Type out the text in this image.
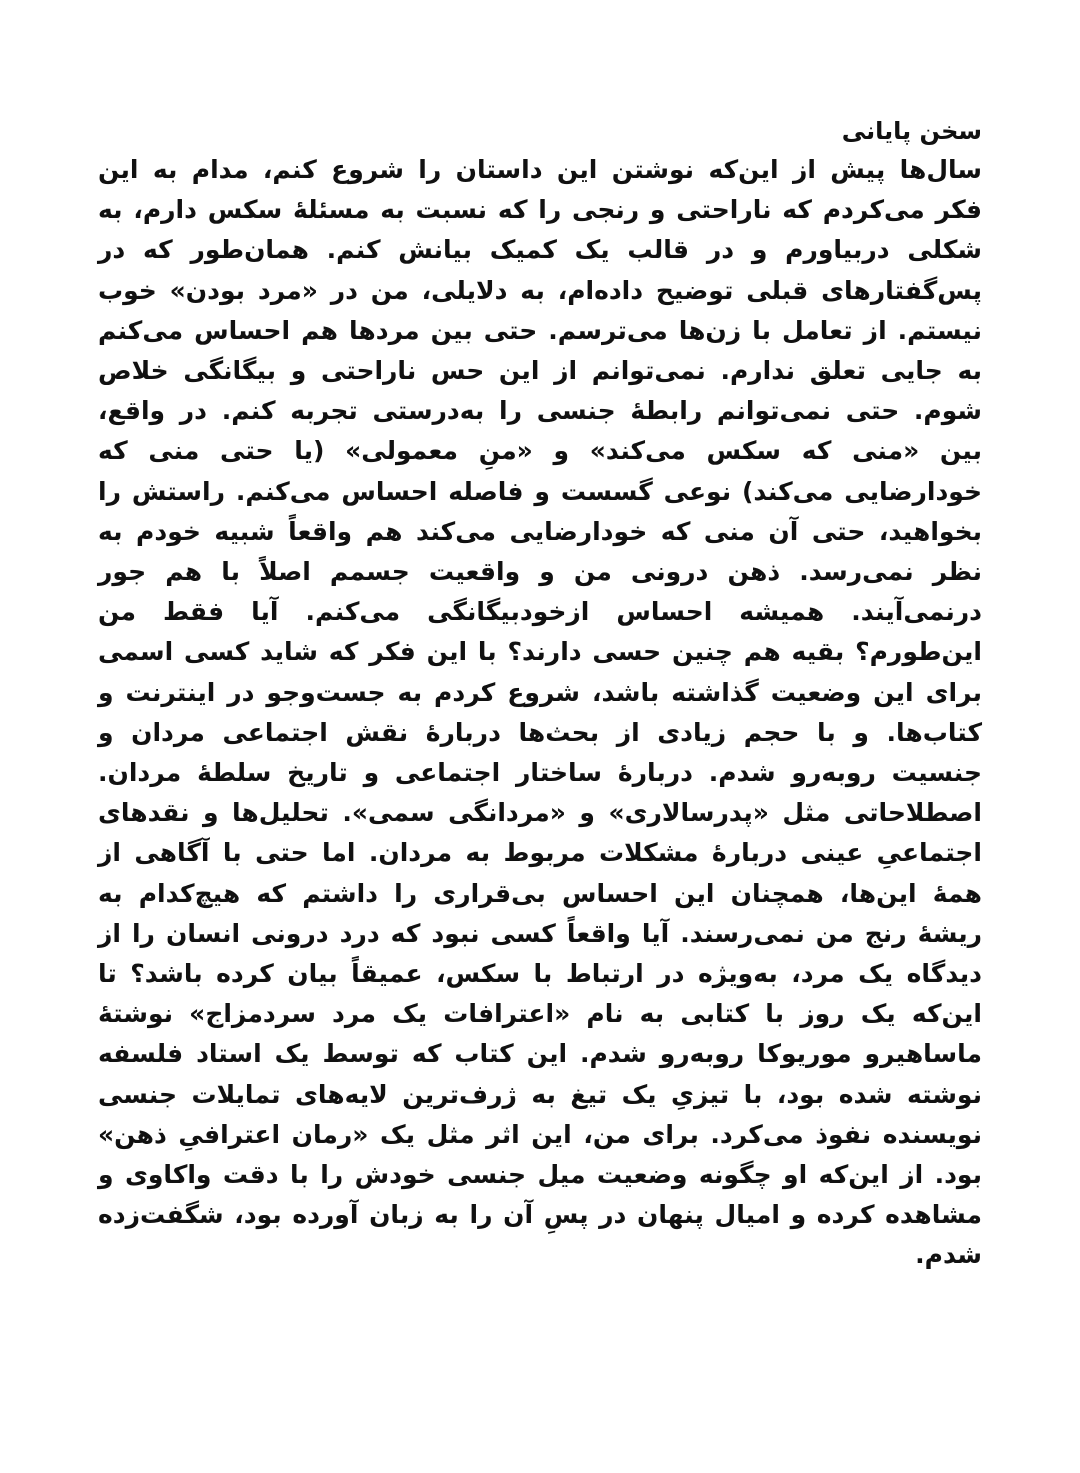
سخن پایانی

سال‌ها پیش از این‌که نوشتن این داستان را شروع کنم، مدام به این فکر می‌کردم که ناراحتی و رنجی را که نسبت به مسئلهٔ سکس دارم، به شکلی دربیاورم و در قالب یک کمیک بیانش کنم. همان‌طور که در پس‌گفتارهای قبلی توضیح داده‌ام، به دلایلی، من در «مرد بودن» خوب نیستم. از تعامل با زن‌ها می‌ترسم. حتی بین مردها هم احساس می‌کنم به جایی تعلق ندارم. نمی‌توانم از این حس ناراحتی و بیگانگی خلاص شوم. حتی نمی‌توانم رابطهٔ جنسی را به‌درستی تجربه کنم. در واقع، بین «منی که سکس می‌کند» و «منِ معمولی» (یا حتی منی که خودارضایی می‌کند) نوعی گسست و فاصله احساس می‌کنم. راستش را بخواهید، حتی آن منی که خودارضایی می‌کند هم واقعاً شبیه خودم به نظر نمی‌رسد. ذهن درونی من و واقعیت جسمم اصلاً با هم جور درنمی‌آیند. همیشه احساس ازخودبیگانگی می‌کنم. آیا فقط من این‌طورم؟ بقیه هم چنین حسی دارند؟ با این فکر که شاید کسی اسمی برای این وضعیت گذاشته باشد، شروع کردم به جست‌وجو در اینترنت و کتاب‌ها. و با حجم زیادی از بحث‌ها دربارهٔ نقش اجتماعی مردان و جنسیت روبه‌رو شدم. دربارهٔ ساختار اجتماعی و تاریخ سلطهٔ مردان. اصطلاحاتی مثل «پدرسالاری» و «مردانگی سمی». تحلیل‌ها و نقدهای اجتماعیِ عینی دربارهٔ مشکلات مربوط به مردان. اما حتی با آگاهی از همهٔ این‌ها، همچنان این احساس بی‌قراری را داشتم که هیچ‌کدام به ریشهٔ رنج من نمی‌رسند. آیا واقعاً کسی نبود که درد درونی انسان را از دیدگاه یک مرد، به‌ویژه در ارتباط با سکس، عمیقاً بیان کرده باشد؟ تا این‌که یک روز با کتابی به نام «اعترافات یک مرد سردمزاج» نوشتهٔ ماساهیرو موریوکا روبه‌رو شدم. این کتاب که توسط یک استاد فلسفه نوشته شده بود، با تیزیِ یک تیغ به ژرف‌ترین لایه‌های تمایلات جنسی نویسنده نفوذ می‌کرد. برای من، این اثر مثل یک «رمان اعترافیِ ذهن» بود. از این‌که او چگونه وضعیت میل جنسی خودش را با دقت واکاوی و مشاهده کرده و امیال پنهان در پسِ آن را به زبان آورده بود، شگفت‌زده شدم.
